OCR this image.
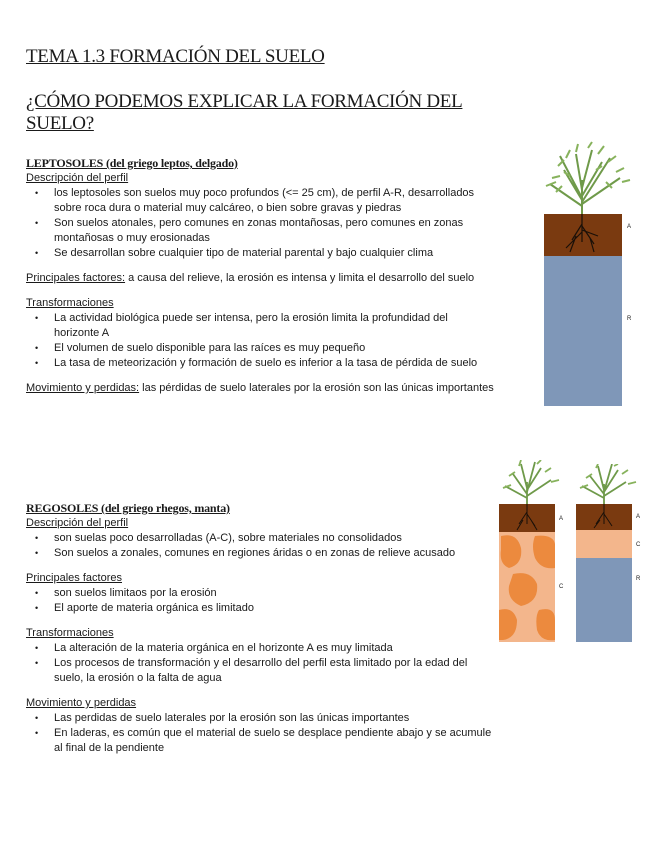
TEMA 1.3 FORMACIÓN DEL SUELO
¿CÓMO PODEMOS EXPLICAR LA FORMACIÓN DEL SUELO?
LEPTOSOLES (del griego leptos, delgado)
Descripción del perfil
• los leptosoles son suelos muy poco profundos (<= 25 cm), de perfil A-R, desarrollados sobre roca dura o material muy calcáreo, o bien sobre gravas y piedras
• Son suelos atonales, pero comunes en zonas montañosas, pero comunes en zonas montañosas o muy erosionadas
• Se desarrollan sobre cualquier tipo de material parental y bajo cualquier clima
Principales factores: a causa del relieve, la erosión es intensa y limita el desarrollo del suelo
Transformaciones
• La actividad biológica puede ser intensa, pero la erosión limita la profundidad del horizonte A
• El volumen de suelo disponible para las raíces es muy pequeño
• La tasa de meteorización y formación de suelo es inferior a la tasa de pérdida de suelo
Movimiento y perdidas: las pérdidas de suelo laterales por la erosión son las únicas importantes
REGOSOLES (del griego rhegos, manta)
Descripción del perfil
• son suelas poco desarrolladas (A-C), sobre materiales no consolidados
• Son suelos a zonales, comunes en regiones áridas o en zonas de relieve acusado
Principales factores
• son suelos limitaos por la erosión
• El aporte de materia orgánica es limitado
Transformaciones
• La alteración de la materia orgánica en el horizonte A es muy limitada
• Los procesos de transformación y el desarrollo del perfil esta limitado por la edad del suelo, la erosión o la falta de agua
Movimiento y perdidas
• Las perdidas de suelo laterales por la erosión son las únicas importantes
• En laderas, es común que el material de suelo se desplace pendiente abajo y se acumule al final de la pendiente
A
R
A
C
A
C
R
